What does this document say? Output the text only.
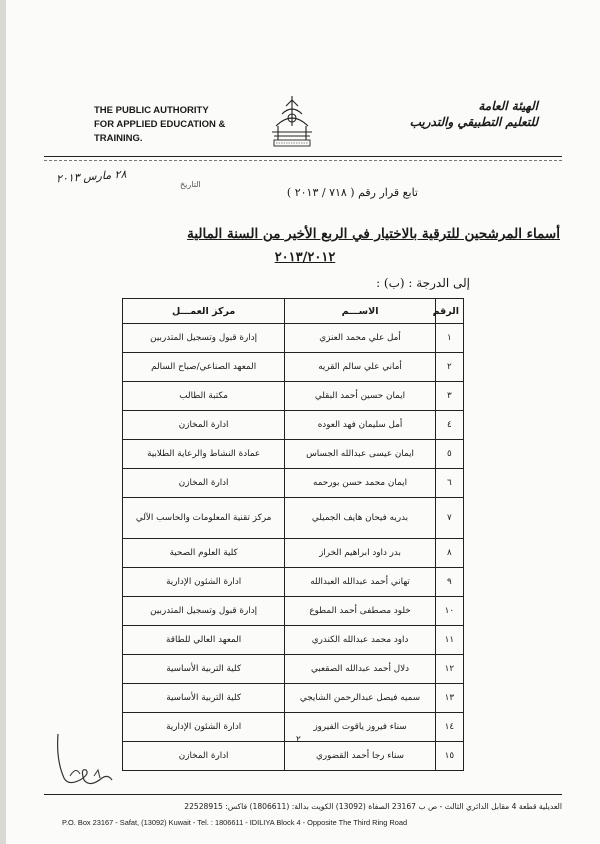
THE PUBLIC AUTHORITY
FOR APPLIED EDUCATION & TRAINING.
الهيئة العامة
للتعليم التطبيقي والتدريب
٢٨ مارس ٢٠١٣
التاريخ
تابع قرار رقم ( ٧١٨ / ٢٠١٣ )
أسماء المرشحين للترقية بالاختيار في الربع الأخير من السنة المالية
٢٠١٣/٢٠١٢
إلى الدرجة : (ب) :
الرقم	الاســـم	مركز العمـــل
١	أمل علي محمد العنزي	إدارة قبول وتسجيل المتدربين
٢	أماني علي سالم القريه	المعهد الصناعي/صباح السالم
٣	ايمان حسين أحمد البقلي	مكتبة الطالب
٤	أمل سليمان فهد العوده	ادارة المخازن
٥	ايمان عيسى عبدالله الجساس	عمادة النشاط والرعاية الطلابية
٦	ايمان محمد حسن بورحمه	ادارة المخازن
٧	بدريه فيحان هايف الجميلي	مركز تقنية المعلومات والحاسب الآلي
٨	بدر داود ابراهيم الخراز	كلية العلوم الصحية
٩	تهاني أحمد عبدالله العبدالله	ادارة الشئون الإدارية
١٠	خلود مصطفى أحمد المطوع	إدارة قبول وتسجيل المتدربين
١١	داود محمد عبدالله الكندري	المعهد العالي للطاقة
١٢	دلال أحمد عبدالله الصقعبي	كلية التربية الأساسية
١٣	سميه فيصل عبدالرحمن الشايجي	كلية التربية الأساسية
١٤	سناء فيروز ياقوت الفيروز	ادارة الشئون الإدارية
١٥	سناء رجا أحمد القضوري	ادارة المخازن
٢
العديلية قطعة 4 مقابل الدائري الثالث - ص ب 23167 الصفاة (13092) الكويت بدالة: (1806611) فاكس: 22528915
P.O. Box 23167 - Safat, (13092) Kuwait - Tel. : 1806611 - IDILIYA Block 4 - Opposite The Third Ring Road
